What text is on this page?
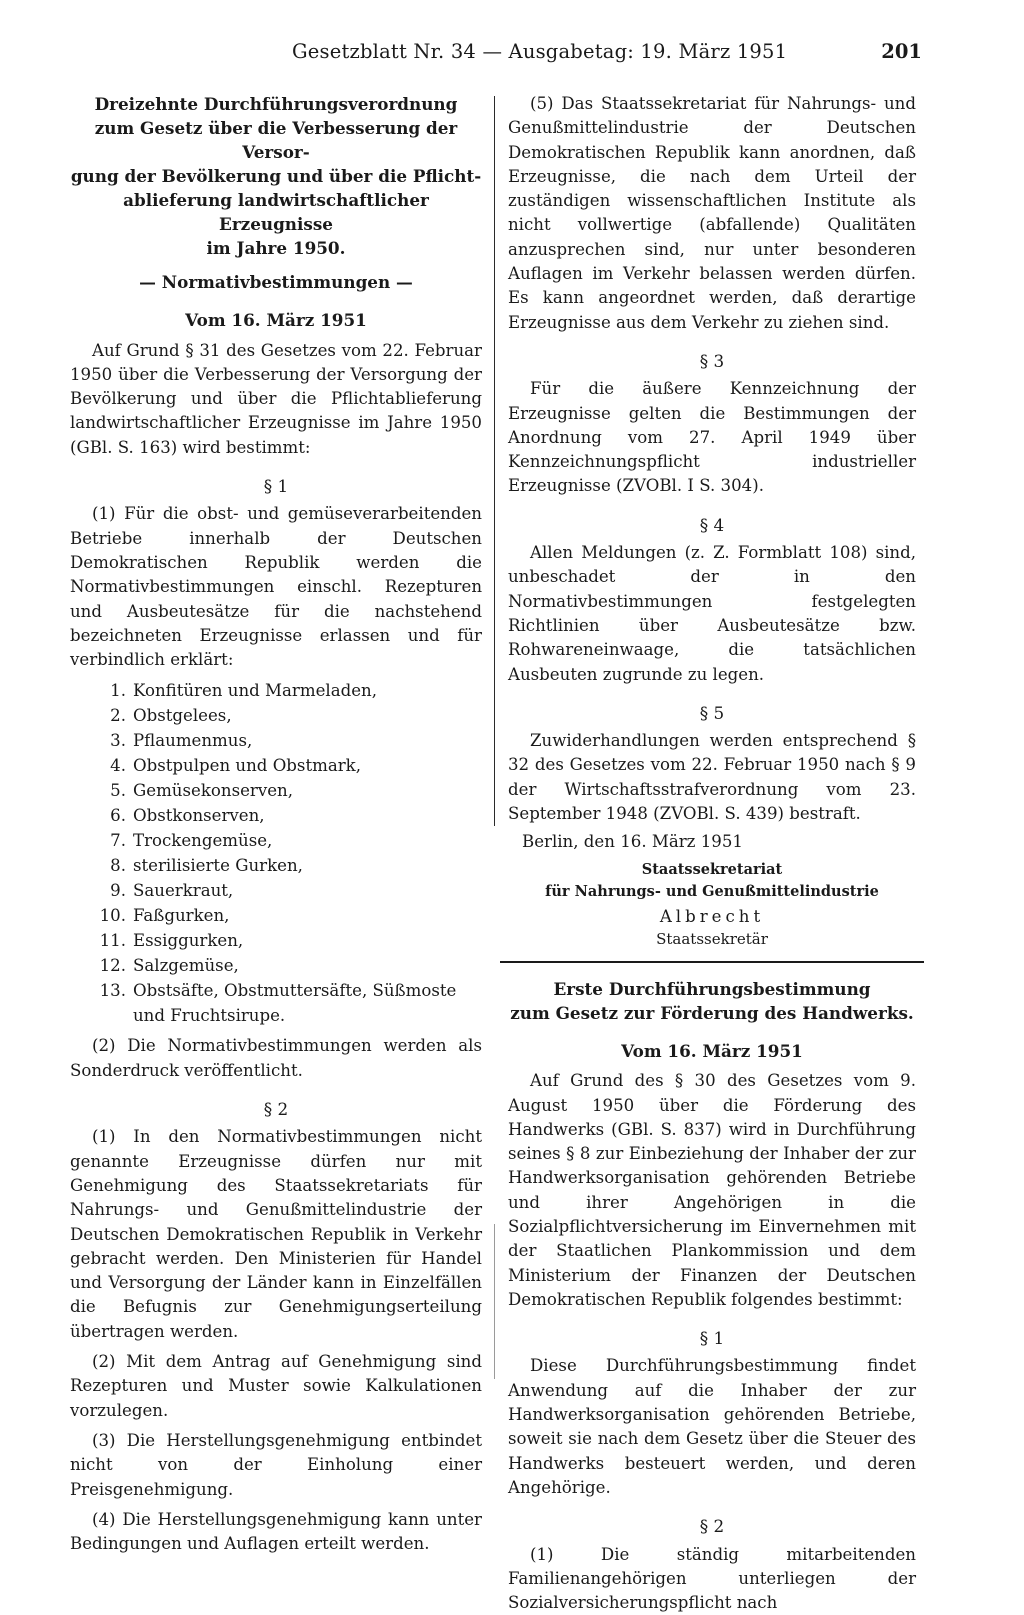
Gesetzblatt Nr. 34 — Ausgabetag: 19. März 1951	201
Dreizehnte Durchführungsverordnung
zum Gesetz über die Verbesserung der Versor-
gung der Bevölkerung und über die Pflicht-
ablieferung landwirtschaftlicher Erzeugnisse
im Jahre 1950.
— Normativbestimmungen —
Vom 16. März 1951

Auf Grund § 31 des Gesetzes vom 22. Februar 1950 über die Verbesserung der Versorgung der Bevölkerung und über die Pflichtablieferung landwirtschaftlicher Erzeugnisse im Jahre 1950 (GBl. S. 163) wird bestimmt:

§ 1

(1) Für die obst- und gemüseverarbeitenden Betriebe innerhalb der Deutschen Demokratischen Republik werden die Normativbestimmungen einschl. Rezepturen und Ausbeutesätze für die nachstehend bezeichneten Erzeugnisse erlassen und für verbindlich erklärt:

1. Konfitüren und Marmeladen,
2. Obstgelees,
3. Pflaumenmus,
4. Obstpulpen und Obstmark,
5. Gemüsekonserven,
6. Obstkonserven,
7. Trockengemüse,
8. sterilisierte Gurken,
9. Sauerkraut,
10. Faßgurken,
11. Essiggurken,
12. Salzgemüse,
13. Obstsäfte, Obstmuttersäfte, Süßmoste und Fruchtsirupe.

(2) Die Normativbestimmungen werden als Sonderdruck veröffentlicht.

§ 2

(1) In den Normativbestimmungen nicht genannte Erzeugnisse dürfen nur mit Genehmigung des Staatssekretariats für Nahrungs- und Genußmittelindustrie der Deutschen Demokratischen Republik in Verkehr gebracht werden. Den Ministerien für Handel und Versorgung der Länder kann in Einzelfällen die Befugnis zur Genehmigungserteilung übertragen werden.

(2) Mit dem Antrag auf Genehmigung sind Rezepturen und Muster sowie Kalkulationen vorzulegen.

(3) Die Herstellungsgenehmigung entbindet nicht von der Einholung einer Preisgenehmigung.

(4) Die Herstellungsgenehmigung kann unter Bedingungen und Auflagen erteilt werden.

(5) Das Staatssekretariat für Nahrungs- und Genußmittelindustrie der Deutschen Demokratischen Republik kann anordnen, daß Erzeugnisse, die nach dem Urteil der zuständigen wissenschaftlichen Institute als nicht vollwertige (abfallende) Qualitäten anzusprechen sind, nur unter besonderen Auflagen im Verkehr belassen werden dürfen. Es kann angeordnet werden, daß derartige Erzeugnisse aus dem Verkehr zu ziehen sind.

§ 3

Für die äußere Kennzeichnung der Erzeugnisse gelten die Bestimmungen der Anordnung vom 27. April 1949 über Kennzeichnungspflicht industrieller Erzeugnisse (ZVOBl. I S. 304).

§ 4

Allen Meldungen (z. Z. Formblatt 108) sind, unbeschadet der in den Normativbestimmungen festgelegten Richtlinien über Ausbeutesätze bzw. Rohwareneinwaage, die tatsächlichen Ausbeuten zugrunde zu legen.

§ 5

Zuwiderhandlungen werden entsprechend § 32 des Gesetzes vom 22. Februar 1950 nach § 9 der Wirtschaftsstrafverordnung vom 23. September 1948 (ZVOBl. S. 439) bestraft.

Berlin, den 16. März 1951

Staatssekretariat
für Nahrungs- und Genußmittelindustrie
Albrecht
Staatssekretär
Erste Durchführungsbestimmung
zum Gesetz zur Förderung des Handwerks.
Vom 16. März 1951

Auf Grund des § 30 des Gesetzes vom 9. August 1950 über die Förderung des Handwerks (GBl. S. 837) wird in Durchführung seines § 8 zur Einbeziehung der Inhaber der zur Handwerksorganisation gehörenden Betriebe und ihrer Angehörigen in die Sozialpflichtversicherung im Einvernehmen mit der Staatlichen Plankommission und dem Ministerium der Finanzen der Deutschen Demokratischen Republik folgendes bestimmt:

§ 1

Diese Durchführungsbestimmung findet Anwendung auf die Inhaber der zur Handwerksorganisation gehörenden Betriebe, soweit sie nach dem Gesetz über die Steuer des Handwerks besteuert werden, und deren Angehörige.

§ 2

(1) Die ständig mitarbeitenden Familienangehörigen unterliegen der Sozialversicherungspflicht nach
